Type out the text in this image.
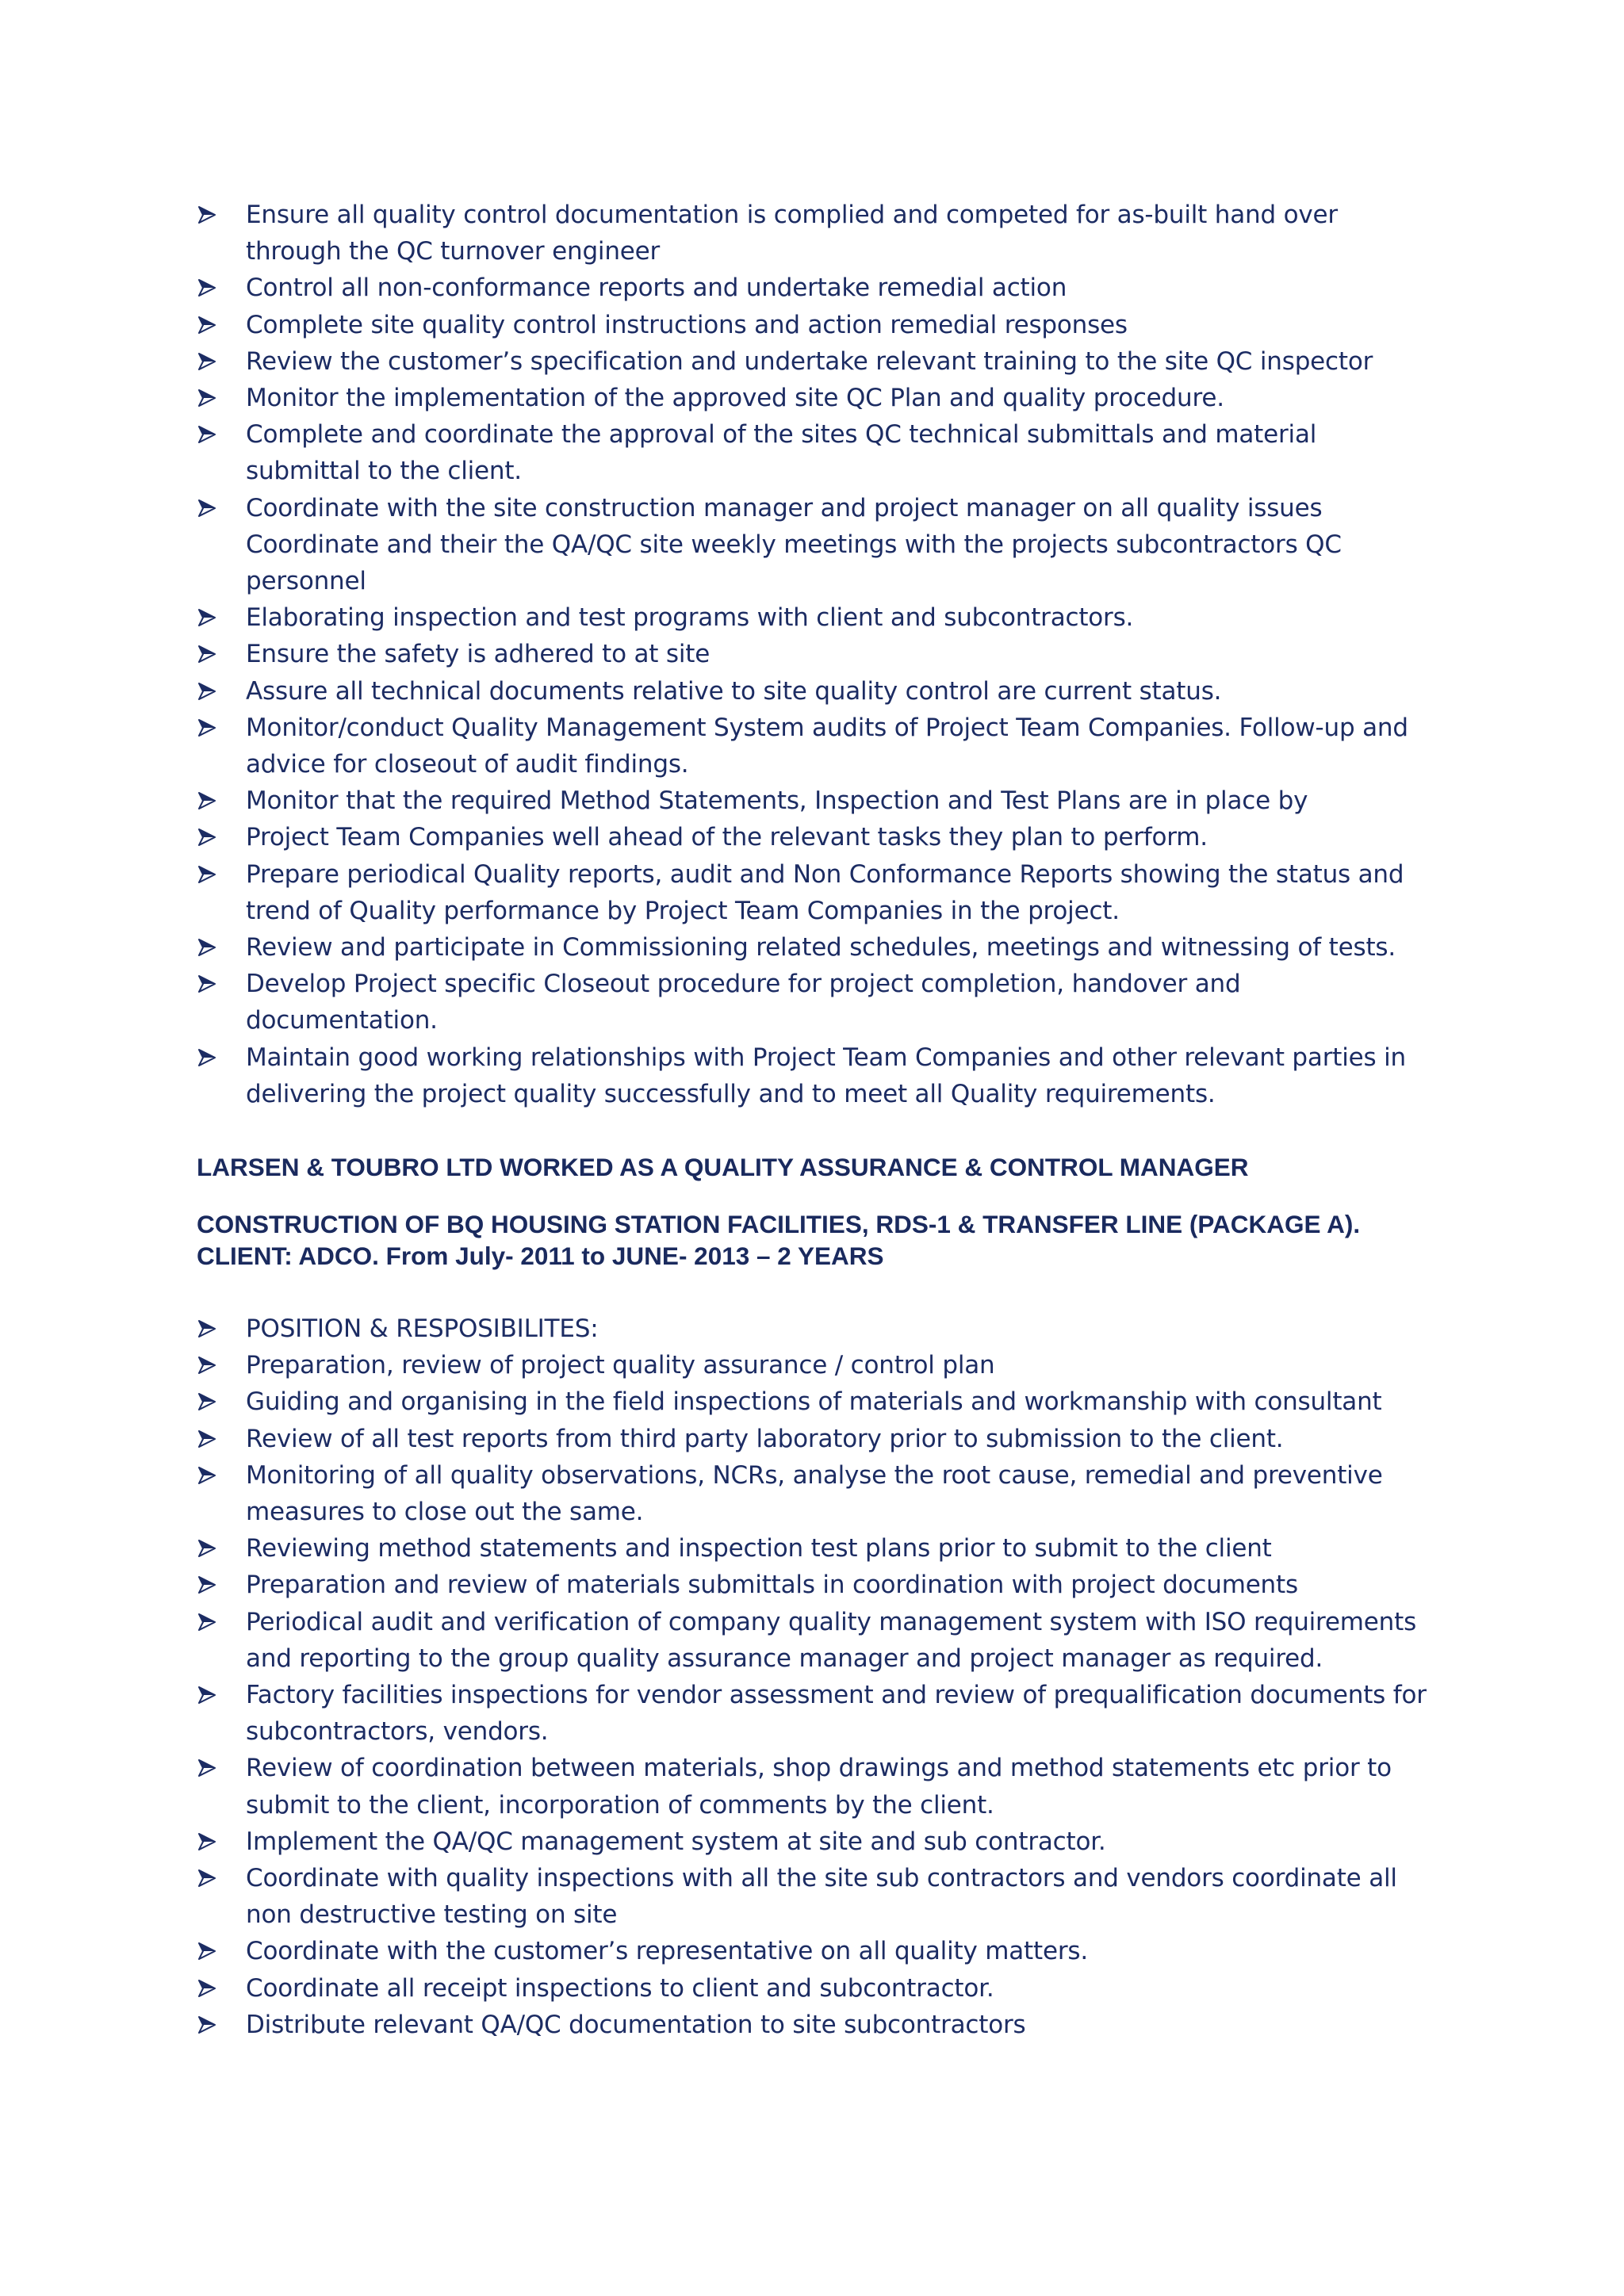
Ensure all quality control documentation is complied and competed for as-built hand over through the QC turnover engineer
Control all non-conformance reports and undertake remedial action
Complete site quality control instructions and action remedial responses
Review the customer’s specification and undertake relevant training to the site QC inspector
Monitor the implementation of the approved site QC Plan and quality procedure.
Complete and coordinate the approval of the sites QC technical submittals and material submittal to the client.
Coordinate with the site construction manager and project manager on all quality issues Coordinate and their the QA/QC site weekly meetings with the projects subcontractors QC personnel
Elaborating inspection and test programs with client and subcontractors.
Ensure the safety is adhered to at site
Assure all technical documents relative to site quality control are current status.
Monitor/conduct Quality Management System audits of Project Team Companies. Follow-up and advice for closeout of audit findings.
Monitor that the required Method Statements, Inspection and Test Plans are in place by
Project Team Companies well ahead of the relevant tasks they plan to perform.
Prepare periodical Quality reports, audit and Non Conformance Reports showing the status and trend of Quality performance by Project Team Companies in the project.
Review and participate in Commissioning related schedules, meetings and witnessing of tests.
Develop Project specific Closeout procedure for project completion, handover and documentation.
Maintain good working relationships with Project Team Companies and other relevant parties in delivering the project quality successfully and to meet all Quality requirements.
LARSEN & TOUBRO LTD WORKED AS A QUALITY ASSURANCE & CONTROL MANAGER
CONSTRUCTION OF BQ HOUSING STATION FACILITIES, RDS-1 & TRANSFER LINE (PACKAGE A). CLIENT: ADCO. From July- 2011 to JUNE- 2013 – 2 YEARS
POSITION & RESPOSIBILITES:
Preparation, review of project quality assurance / control plan
Guiding and organising in the field inspections of materials and workmanship with consultant
Review of all test reports from third party laboratory prior to submission to the client.
Monitoring of all quality observations, NCRs, analyse the root cause, remedial and preventive measures to close out the same.
Reviewing method statements and inspection test plans prior to submit to the client
Preparation and review of materials submittals in coordination with project documents
Periodical audit and verification of company quality management system with ISO requirements and reporting to the group quality assurance manager and project manager as required.
Factory facilities inspections for vendor assessment and review of prequalification documents for subcontractors, vendors.
Review of coordination between materials, shop drawings and method statements etc prior to submit to the client, incorporation of comments by the client.
Implement the QA/QC management system at site and sub contractor.
Coordinate with quality inspections with all the site sub contractors and vendors coordinate all non destructive testing on site
Coordinate with the customer’s representative on all quality matters.
Coordinate all receipt inspections to client and subcontractor.
Distribute relevant QA/QC documentation to site subcontractors
